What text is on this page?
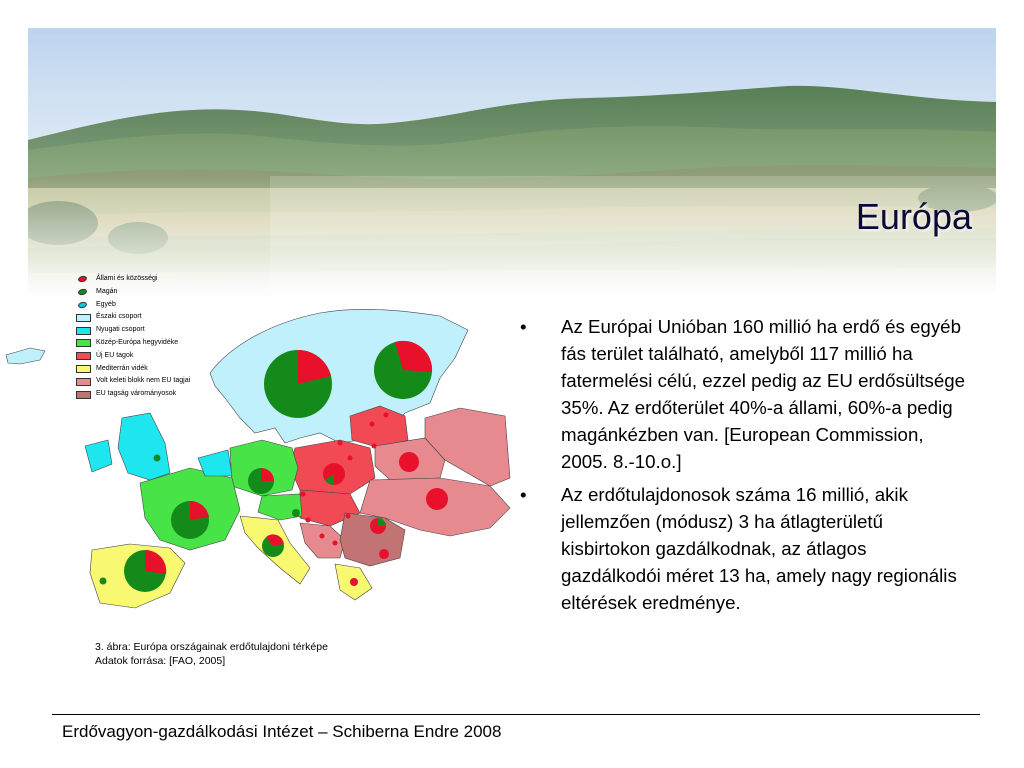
Európa
Állami és közösségi
Magán
Egyéb
Északi csoport
Nyugati csoport
Közép-Európa hegyvidéke
Új EU tagok
Mediterrán vidék
Volt keleti blokk nem EU tagjai
EU tagság várományosok
3. ábra: Európa országainak erdőtulajdoni térképe
Adatok forrása: [FAO, 2005]
• Az Európai Unióban 160 millió ha erdő és egyéb fás terület található, amelyből 117 millió ha fatermelési célú, ezzel pedig az EU erdősültsége 35%. Az erdőterület 40%-a állami, 60%-a pedig magánkézben van. [European Commission, 2005. 8.-10.o.]
• Az erdőtulajdonosok száma 16 millió, akik jellemzően (módusz) 3 ha átlagterületű kisbirtokon gazdálkodnak, az átlagos gazdálkodói méret 13 ha, amely nagy regionális eltérések eredménye.
Erdővagyon-gazdálkodási Intézet – Schiberna Endre 2008
